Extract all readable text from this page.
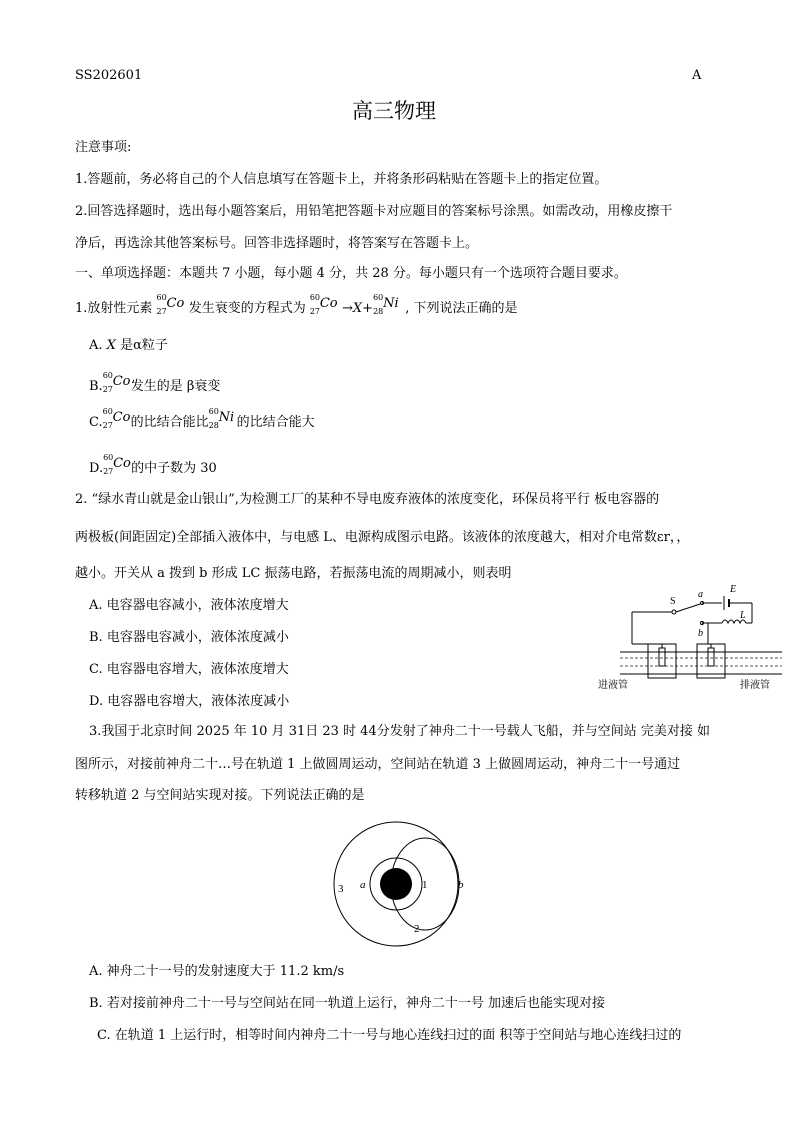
SS202601	A
高三物理
注意事项:
1.答题前，务必将自己的个人信息填写在答题卡上，并将条形码粘贴在答题卡上的指定位置。
2.回答选择题时，选出每小题答案后，用铅笔把答题卡对应题目的答案标号涂黑。如需改动，用橡皮擦干
净后，再选涂其他答案标号。回答非选择题时，将答案写在答题卡上。
一、单项选择题：本题共 7 小题，每小题 4 分，共 28 分。每小题只有一个选项符合题目要求。
1.放射性元素
60
27
Co 发生衰变的方程式为
60
27
Co →X+
60
28
Ni , 下列说法正确的是
A. X 是α粒子
B.
60
27
Co 发生的是 β衰变
C.
60
27
Co 的比结合能比
60
28
Ni 的比结合能大
D.
60
27
Co 的中子数为 30
2. “绿水青山就是金山银山”,为检测工厂的某种不导电废弃液体的浓度变化，环保员将平行 板电容器的
两极板(间距固定)全部插入液体中，与电感 L、电源构成图示电路。该液体的浓度越大，相对介电常数εr，，
越小。开关从 a 拨到 b 形成 LC 振荡电路，若振荡电流的周期减小，则表明
A. 电容器电容减小，液体浓度增大
B. 电容器电容减小，液体浓度减小
C. 电容器电容增大，液体浓度增大
D. 电容器电容增大，液体浓度减小
S
a
b
E
L
进液管	排液管
3.我国于北京时间 2025 年 10 月 31日 23 时 44分发射了神舟二十一号载人飞船，并与空间站 完美对接 如
图所示，对接前神舟二十…号在轨道 1 上做圆周运动，空间站在轨道 3 上做圆周运动，神舟二十一号通过
转移轨道 2 与空间站实现对接。下列说法正确的是
3	1
2
a	b
A. 神舟二十一号的发射速度大于 11.2 km/s
B. 若对接前神舟二十一号与空间站在同一轨道上运行，神舟二十一号 加速后也能实现对接
C. 在轨道 1 上运行时，相等时间内神舟二十一号与地心连线扫过的面 积等于空间站与地心连线扫过的
